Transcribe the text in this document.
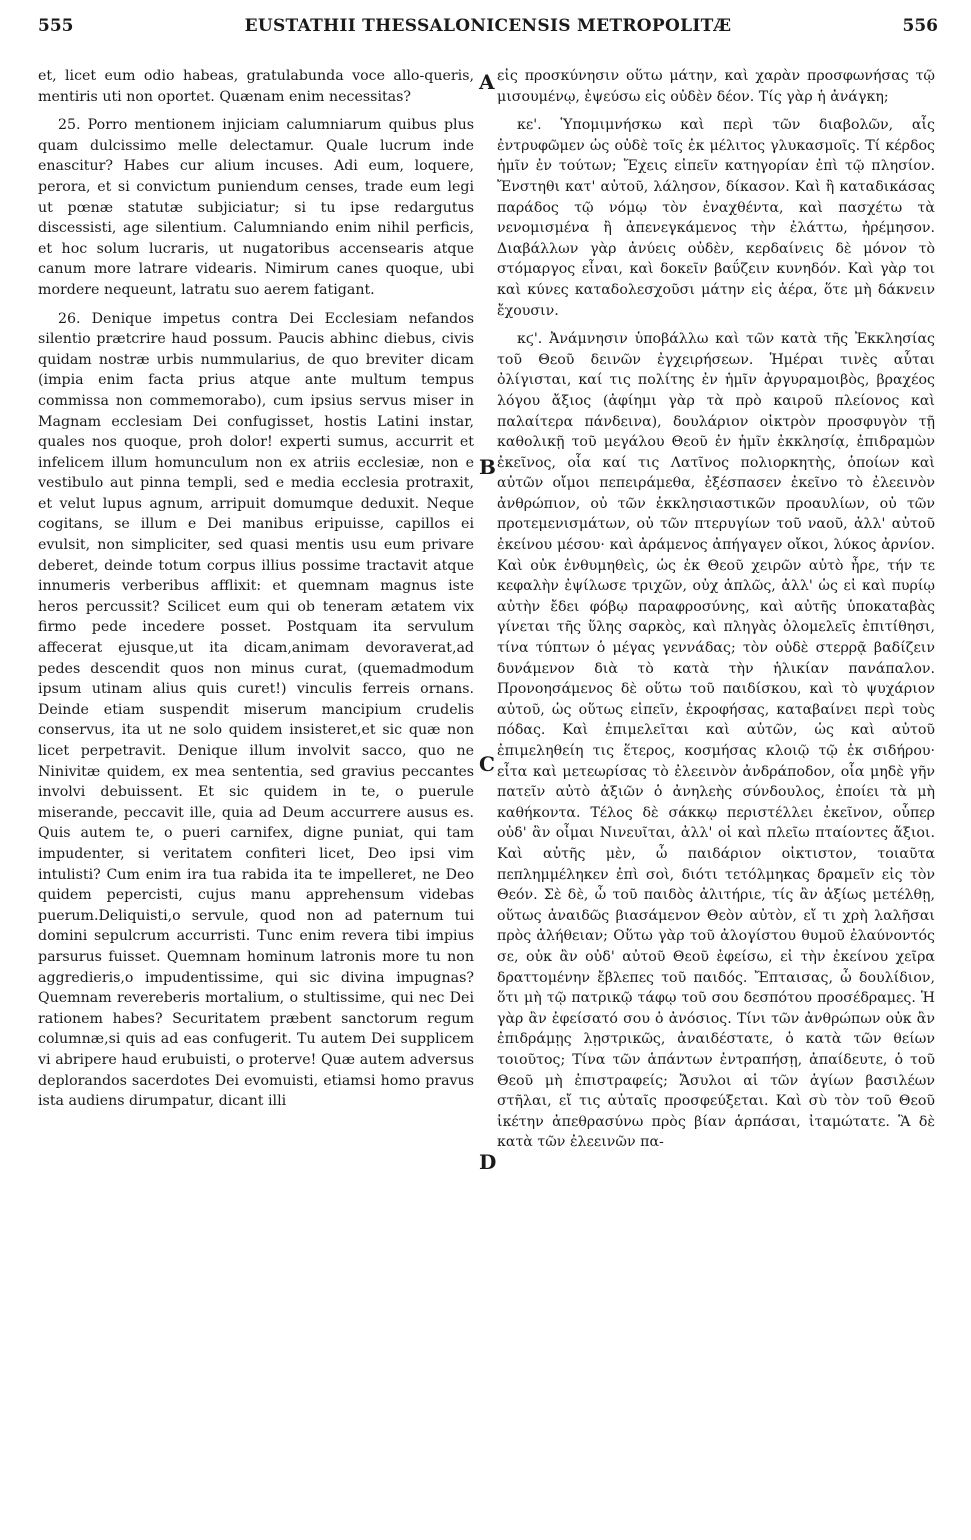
555	EUSTATHII THESSALONICENSIS METROPOLITÆ	556

et, licet eum odio habeas, gratulabunda voce allo-queris, mentiris uti non oportet. Quænam enim necessitas?

25. Porro mentionem injiciam calumniarum quibus plus quam dulcissimo melle delectamur. Quale lucrum inde enascitur? Habes cur alium incuses. Adi eum, loquere, perora, et si convictum puniendum censes, trade eum legi ut pœnæ statutæ subjiciatur; si tu ipse redargutus discessisti, age silentium. Calumniando enim nihil perficis, et hoc solum lucraris, ut nugatoribus accensearis atque canum more latrare videaris. Nimirum canes quoque, ubi mordere nequeunt, latratu suo aerem fatigant.

26. Denique impetus contra Dei Ecclesiam nefandos silentio prætcrire haud possum. Paucis abhinc diebus, civis quidam nostræ urbis nummularius, de quo breviter dicam (impia enim facta prius atque ante multum tempus commissa non commemorabo), cum ipsius servus miser in Magnam ecclesiam Dei confugisset, hostis Latini instar, quales nos quoque, proh dolor! experti sumus, accurrit et infelicem illum homunculum non ex atriis ecclesiæ, non e vestibulo aut pinna templi, sed e media ecclesia protraxit, et velut lupus agnum, arripuit domumque deduxit. Neque cogitans, se illum e Dei manibus eripuisse, capillos ei evulsit, non simpliciter, sed quasi mentis usu eum privare deberet, deinde totum corpus illius possime tractavit atque innumeris verberibus afflixit: et quemnam magnus iste heros percussit? Scilicet eum qui ob teneram ætatem vix firmo pede incedere posset. Postquam ita servulum affecerat ejusque,ut ita dicam,animam devoraverat,ad pedes descendit quos non minus curat, (quemadmodum ipsum utinam alius quis curet!) vinculis ferreis ornans. Deinde etiam suspendit miserum mancipium crudelis conservus, ita ut ne solo quidem insisteret,et sic quæ non licet perpetravit. Denique illum involvit sacco, quo ne Ninivitæ quidem, ex mea sententia, sed gravius peccantes involvi debuissent. Et sic quidem in te, o puerule miserande, peccavit ille, quia ad Deum accurrere ausus es. Quis autem te, o pueri carnifex, digne puniat, qui tam impudenter, si veritatem confiteri licet, Deo ipsi vim intulisti? Cum enim ira tua rabida ita te impelleret, ne Deo quidem pepercisti, cujus manu apprehensum videbas puerum.Deliquisti,o servule, quod non ad paternum tui domini sepulcrum accurristi. Tunc enim revera tibi impius parsurus fuisset. Quemnam hominum latronis more tu non aggredieris,o impudentissime, qui sic divina impugnas? Quemnam revereberis mortalium, o stultissime, qui nec Dei rationem habes? Securitatem præbent sanctorum regum columnæ,si quis ad eas confugerit. Tu autem Dei supplicem vi abripere haud erubuisti, o proterve! Quæ autem adversus deplorandos sacerdotes Dei evomuisti, etiamsi homo pravus ista audiens dirumpatur, dicant illi

A
B
C
D

εἰς προσκύνησιν οὕτω μάτην, καὶ χαρὰν προσφωνήσας τῷ μισουμένῳ, ἐψεύσω εἰς οὐδὲν δέον. Τίς γὰρ ἡ ἀνάγκη;

κε'. Ὑπομιμνήσκω καὶ περὶ τῶν διαβολῶν, αἷς ἐντρυφῶμεν ὡς οὐδὲ τοῖς ἐκ μέλιτος γλυκασμοῖς. Τί κέρδος ἡμῖν ἐν τούτων; Ἔχεις εἰπεῖν κατηγορίαν ἐπὶ τῷ πλησίον. Ἔνστηθι κατ' αὐτοῦ, λάλησον, δίκασον. Καὶ ἢ καταδικάσας παράδος τῷ νόμῳ τὸν ἐναχθέντα, καὶ πασχέτω τὰ νενομισμένα ἢ ἀπενεγκάμενος τὴν ἐλάττω, ἠρέμησον. Διαβάλλων γὰρ ἀνύεις οὐδὲν, κερδαίνεις δὲ μόνον τὸ στόμαργος εἶναι, καὶ δοκεῖν βαΰζειν κυνηδόν. Καὶ γὰρ τοι καὶ κύνες καταδολεσχοῦσι μάτην εἰς ἀέρα, ὅτε μὴ δάκνειν ἔχουσιν.

κϛ'. Ἀνάμνησιν ὑποβάλλω καὶ τῶν κατὰ τῆς Ἐκκλησίας τοῦ Θεοῦ δεινῶν ἐγχειρήσεων. Ἡμέραι τινὲς αὗται ὀλίγισται, καί τις πολίτης ἐν ἡμῖν ἀργυραμοιβὸς, βραχέος λόγου ἄξιος (ἀφίημι γὰρ τὰ πρὸ καιροῦ πλείονος καὶ παλαίτερα πάνδεινα), δουλάριον οἰκτρὸν προσφυγὸν τῇ καθολικῇ τοῦ μεγάλου Θεοῦ ἐν ἡμῖν ἐκκλησίᾳ, ἐπιδραμὼν ἐκεῖνος, οἷα καί τις Λατῖνος πολιορκητὴς, ὁποίων καὶ αὐτῶν οἴμοι πεπειράμεθα, ἐξέσπασεν ἐκεῖνο τὸ ἐλεεινὸν ἀνθρώπιον, οὐ τῶν ἐκκλησιαστικῶν προαυλίων, οὐ τῶν προτεμενισμάτων, οὐ τῶν πτερυγίων τοῦ ναοῦ, ἀλλ' αὐτοῦ ἐκείνου μέσου· καὶ ἀράμενος ἀπήγαγεν οἴκοι, λύκος ἀρνίον. Καὶ οὐκ ἐνθυμηθεὶς, ὡς ἐκ Θεοῦ χειρῶν αὐτὸ ἦρε, τήν τε κεφαλὴν ἐψίλωσε τριχῶν, οὐχ ἁπλῶς, ἀλλ' ὡς εἰ καὶ πυρίῳ αὐτὴν ἔδει φόβῳ παραφροσύνης, καὶ αὐτῆς ὑποκαταβὰς γίνεται τῆς ὕλης σαρκὸς, καὶ πληγὰς ὀλομελεῖς ἐπιτίθησι, τίνα τύπτων ὁ μέγας γεννάδας; τὸν οὐδὲ στερρᾷ βαδίζειν δυνάμενον διὰ τὸ κατὰ τὴν ἡλικίαν πανάπαλον. Προνοησάμενος δὲ οὕτω τοῦ παιδίσκου, καὶ τὸ ψυχάριον αὐτοῦ, ὡς οὕτως εἰπεῖν, ἐκροφήσας, καταβαίνει περὶ τοὺς πόδας. Καὶ ἐπιμελεῖται καὶ αὐτῶν, ὡς καὶ αὐτοῦ ἐπιμεληθείη τις ἕτερος, κοσμήσας κλοιῷ τῷ ἐκ σιδήρου· εἶτα καὶ μετεωρίσας τὸ ἐλεεινὸν ἀνδράποδον, οἷα μηδὲ γῆν πατεῖν αὐτὸ ἀξιῶν ὁ ἀνηλεὴς σύνδουλος, ἐποίει τὰ μὴ καθήκοντα. Τέλος δὲ σάκκῳ περιστέλλει ἐκεῖνον, οὗπερ οὐδ' ἂν οἶμαι Νινευῖται, ἀλλ' οἱ καὶ πλεῖω πταίοντες ἄξιοι. Καὶ αὐτῆς μὲν, ὦ παιδάριον οἰκτιστον, τοιαῦτα πεπλημμέληκεν ἐπὶ σοὶ, διότι τετόλμηκας δραμεῖν εἰς τὸν Θεόν. Σὲ δὲ, ὦ τοῦ παιδὸς ἀλιτήριε, τίς ἂν ἀξίως μετέλθῃ, οὕτως ἀναιδῶς βιασάμενον Θεὸν αὐτὸν, εἴ τι χρὴ λαλῆσαι πρὸς ἀλήθειαν; Οὕτω γὰρ τοῦ ἀλογίστου θυμοῦ ἐλαύνοντός σε, οὐκ ἂν οὐδ' αὐτοῦ Θεοῦ ἐφείσω, εἰ τὴν ἐκείνου χεῖρα δραττομένην ἔβλεπες τοῦ παιδός. Ἔπταισας, ὦ δουλίδιον, ὅτι μὴ τῷ πατρικῷ τάφῳ τοῦ σου δεσπότου προσέδραμες. Ἡ γὰρ ἂν ἐφείσατό σου ὁ ἀνόσιος. Τίνι τῶν ἀνθρώπων οὐκ ἂν ἐπιδράμῃς λῃστρικῶς, ἀναιδέστατε, ὁ κατὰ τῶν θείων τοιοῦτος; Τίνα τῶν ἁπάντων ἐντραπήσῃ, ἀπαίδευτε, ὁ τοῦ Θεοῦ μὴ ἐπιστραφείς; Ἄσυλοι αἱ τῶν ἁγίων βασιλέων στῆλαι, εἴ τις αὐταῖς προσφεύξεται. Καὶ σὺ τὸν τοῦ Θεοῦ ἱκέτην ἀπεθρασύνω πρὸς βίαν ἁρπάσαι, ἰταμώτατε. Ἃ δὲ κατὰ τῶν ἐλεεινῶν πα-
